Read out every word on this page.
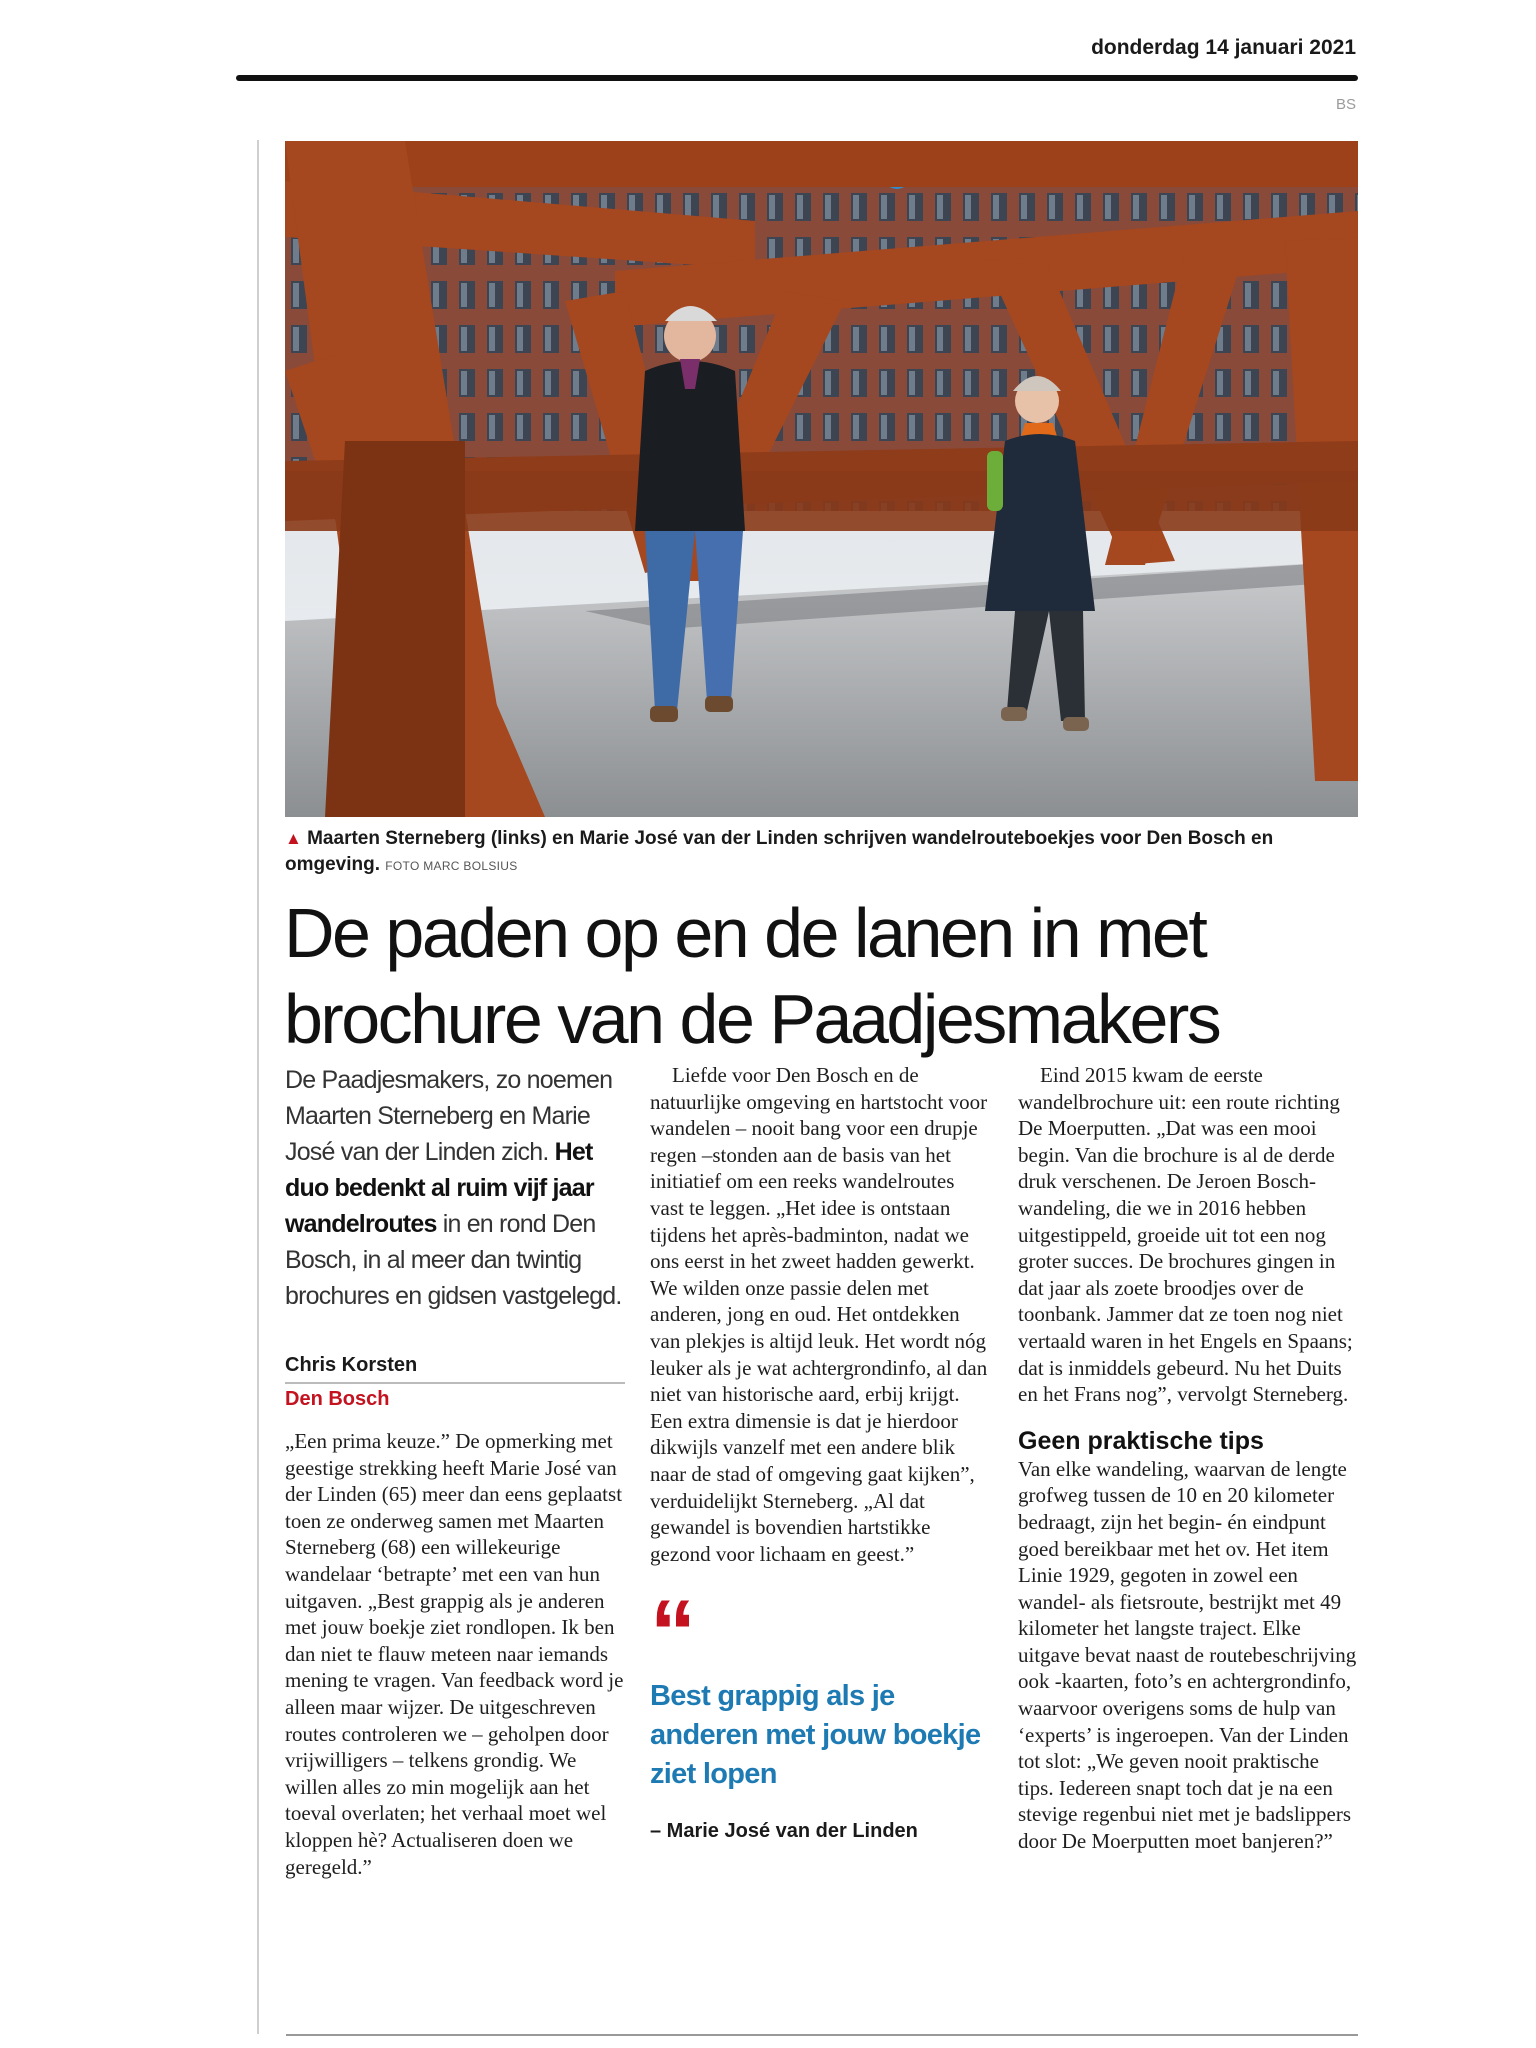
donderdag 14 januari 2021
BS
▲ Maarten Sterneberg (links) en Marie José van der Linden schrijven wandelrouteboekjes voor Den Bosch en omgeving. FOTO MARC BOLSIUS
De paden op en de lanen in met brochure van de Paadjesmakers

De Paadjesmakers, zo noemen Maarten Sterneberg en Marie José van der Linden zich. Het duo bedenkt al ruim vijf jaar wandelroutes in en rond Den Bosch, in al meer dan twintig brochures en gidsen vastgelegd.

Chris Korsten
Den Bosch

„Een prima keuze.” De opmerking met geestige strekking heeft Marie José van der Linden (65) meer dan eens geplaatst toen ze onderweg samen met Maarten Sterneberg (68) een willekeurige wandelaar ‘betrapte’ met een van hun uitgaven. „Best grappig als je anderen met jouw boekje ziet rondlopen. Ik ben dan niet te flauw meteen naar iemands mening te vragen. Van feedback word je alleen maar wijzer. De uitgeschreven routes controleren we – geholpen door vrijwilligers – telkens grondig. We willen alles zo min mogelijk aan het toeval overlaten; het verhaal moet wel kloppen hè? Actualiseren doen we geregeld.”

Liefde voor Den Bosch en de natuurlijke omgeving en hartstocht voor wandelen – nooit bang voor een drupje regen –stonden aan de basis van het initiatief om een reeks wandelroutes vast te leggen. „Het idee is ontstaan tijdens het après-badminton, nadat we ons eerst in het zweet hadden gewerkt. We wilden onze passie delen met anderen, jong en oud. Het ontdekken van plekjes is altijd leuk. Het wordt nóg leuker als je wat achtergrondinfo, al dan niet van historische aard, erbij krijgt. Een extra dimensie is dat je hierdoor dikwijls vanzelf met een andere blik naar de stad of omgeving gaat kijken”, verduidelijkt Sterneberg. „Al dat gewandel is bovendien hartstikke gezond voor lichaam en geest.”

“
Best grappig als je anderen met jouw boekje ziet lopen
– Marie José van der Linden

Eind 2015 kwam de eerste wandelbrochure uit: een route richting De Moerputten. „Dat was een mooi begin. Van die brochure is al de derde druk verschenen. De Jeroen Bosch-wandeling, die we in 2016 hebben uitgestippeld, groeide uit tot een nog groter succes. De brochures gingen in dat jaar als zoete broodjes over de toonbank. Jammer dat ze toen nog niet vertaald waren in het Engels en Spaans; dat is inmiddels gebeurd. Nu het Duits en het Frans nog”, vervolgt Sterneberg.

Geen praktische tips

Van elke wandeling, waarvan de lengte grofweg tussen de 10 en 20 kilometer bedraagt, zijn het begin- én eindpunt goed bereikbaar met het ov. Het item Linie 1929, gegoten in zowel een wandel- als fietsroute, bestrijkt met 49 kilometer het langste traject. Elke uitgave bevat naast de routebeschrijving ook -kaarten, foto’s en achtergrondinfo, waarvoor overigens soms de hulp van ‘experts’ is ingeroepen. Van der Linden tot slot: „We geven nooit praktische tips. Iedereen snapt toch dat je na een stevige regenbui niet met je badslippers door De Moerputten moet banjeren?”
